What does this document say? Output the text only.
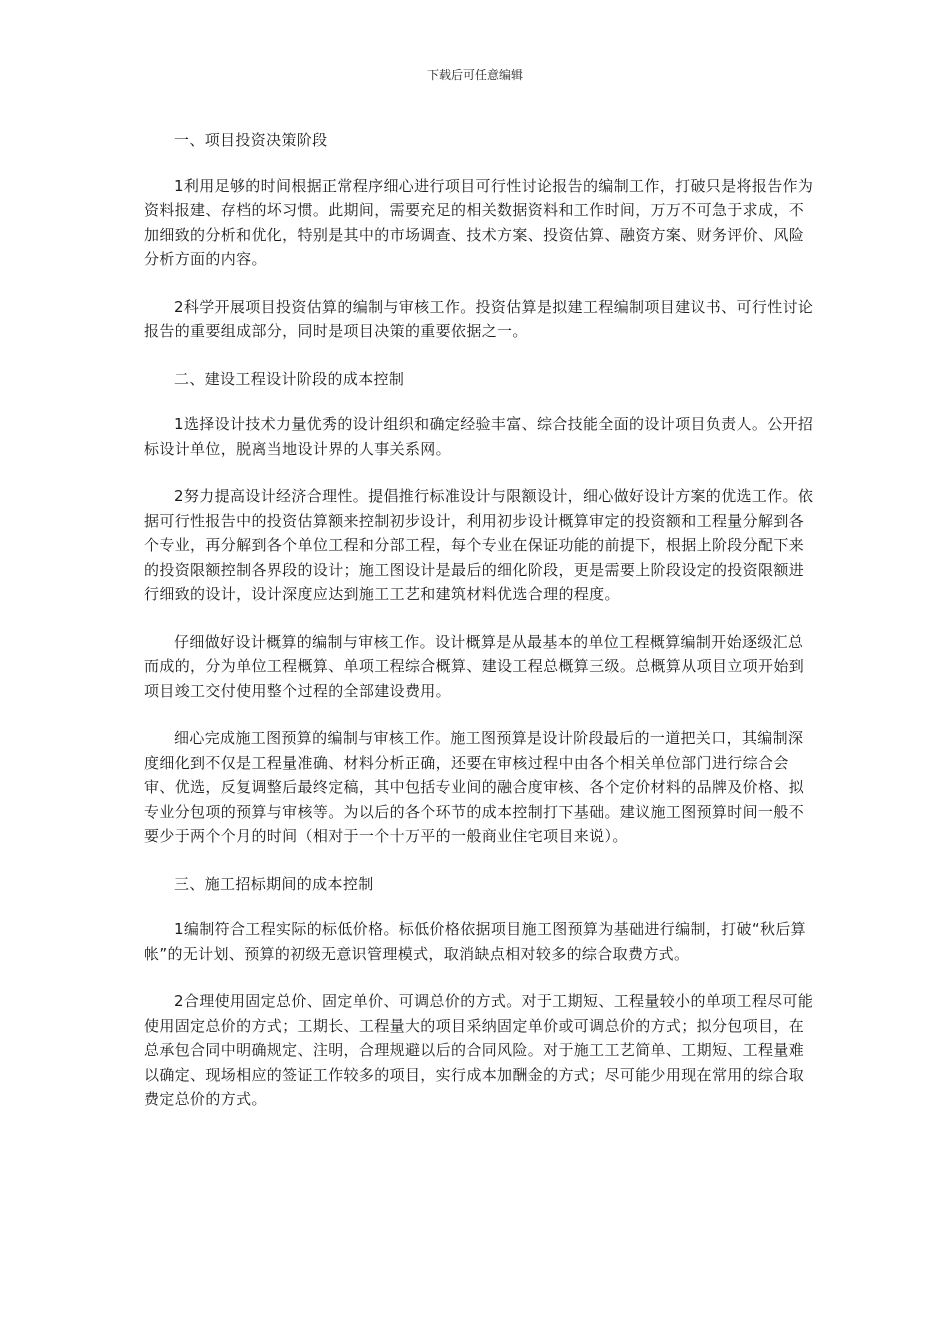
下载后可任意编辑

一、项目投资决策阶段

1利用足够的时间根据正常程序细心进行项目可行性讨论报告的编制工作，打破只是将报告作为资料报建、存档的坏习惯。此期间，需要充足的相关数据资料和工作时间，万万不可急于求成，不加细致的分析和优化，特别是其中的市场调查、技术方案、投资估算、融资方案、财务评价、风险分析方面的内容。

2科学开展项目投资估算的编制与审核工作。投资估算是拟建工程编制项目建议书、可行性讨论报告的重要组成部分，同时是项目决策的重要依据之一。

二、建设工程设计阶段的成本控制

1选择设计技术力量优秀的设计组织和确定经验丰富、综合技能全面的设计项目负责人。公开招标设计单位，脱离当地设计界的人事关系网。

2努力提高设计经济合理性。提倡推行标准设计与限额设计，细心做好设计方案的优选工作。依据可行性报告中的投资估算额来控制初步设计，利用初步设计概算审定的投资额和工程量分解到各个专业，再分解到各个单位工程和分部工程，每个专业在保证功能的前提下，根据上阶段分配下来的投资限额控制各界段的设计；施工图设计是最后的细化阶段，更是需要上阶段设定的投资限额进行细致的设计，设计深度应达到施工工艺和建筑材料优选合理的程度。

仔细做好设计概算的编制与审核工作。设计概算是从最基本的单位工程概算编制开始逐级汇总而成的，分为单位工程概算、单项工程综合概算、建设工程总概算三级。总概算从项目立项开始到项目竣工交付使用整个过程的全部建设费用。

细心完成施工图预算的编制与审核工作。施工图预算是设计阶段最后的一道把关口，其编制深度细化到不仅是工程量准确、材料分析正确，还要在审核过程中由各个相关单位部门进行综合会审、优选，反复调整后最终定稿，其中包括专业间的融合度审核、各个定价材料的品牌及价格、拟专业分包项的预算与审核等。为以后的各个环节的成本控制打下基础。建议施工图预算时间一般不要少于两个个月的时间（相对于一个十万平的一般商业住宅项目来说）。

三、施工招标期间的成本控制

1编制符合工程实际的标低价格。标低价格依据项目施工图预算为基础进行编制，打破“秋后算帐”的无计划、预算的初级无意识管理模式，取消缺点相对较多的综合取费方式。

2合理使用固定总价、固定单价、可调总价的方式。对于工期短、工程量较小的单项工程尽可能使用固定总价的方式；工期长、工程量大的项目采纳固定单价或可调总价的方式；拟分包项目，在总承包合同中明确规定、注明，合理规避以后的合同风险。对于施工工艺简单、工期短、工程量难以确定、现场相应的签证工作较多的项目，实行成本加酬金的方式；尽可能少用现在常用的综合取费定总价的方式。
